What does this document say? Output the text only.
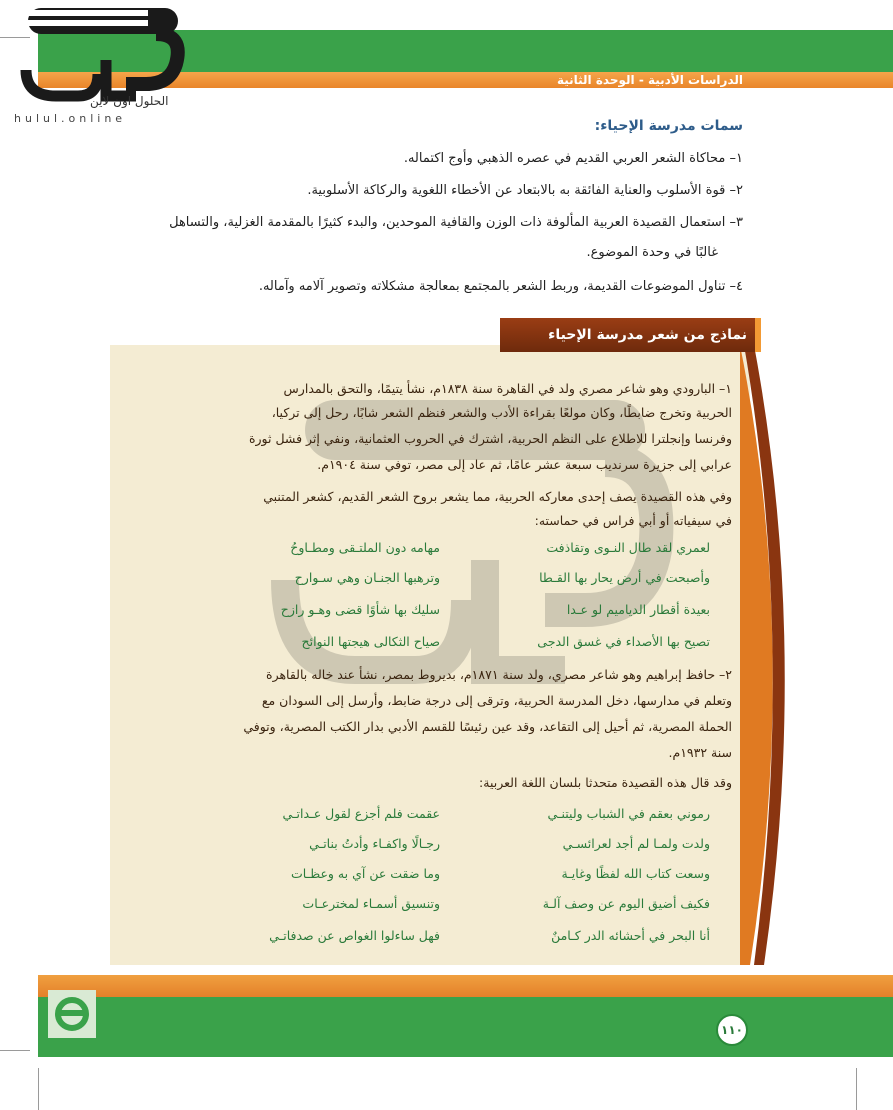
الدراسات الأدبية - الوحدة الثانية
الحلول اون لاين
hulul.online	سمات مدرسة الإحياء:
١– محاكاة الشعر العربي القديم في عصره الذهبي وأوج اكتماله.
٢– قوة الأسلوب والعناية الفائقة به بالابتعاد عن الأخطاء اللغوية والركاكة الأسلوبية.
٣– استعمال القصيدة العربية المألوفة ذات الوزن والقافية الموحدين، والبدء كثيرًا بالمقدمة الغزلية، والتساهل
غالبًا في وحدة الموضوع.
٤– تناول الموضوعات القديمة، وربط الشعر بالمجتمع بمعالجة مشكلاته وتصوير آلامه وآماله.
نماذج من شعر مدرسة الإحياء
١– البارودي وهو شاعر مصري ولد في القاهرة سنة ١٨٣٨م، نشأ يتيمًا، والتحق بالمدارس
الحربية وتخرج ضابطًا، وكان مولعًا بقراءة الأدب والشعر فنظم الشعر شابًا، رحل إلى تركيا،
وفرنسا وإنجلترا للاطلاع على النظم الحربية، اشترك في الحروب العثمانية، ونفي إثر فشل ثورة
عرابي إلى جزيرة سرنديب سبعة عشر عامًا، ثم عاد إلى مصر، توفي سنة ١٩٠٤م.
وفي هذه القصيدة يصف إحدى معاركه الحربية، مما يشعر بروح الشعر القديم، كشعر المتنبي
في سيفياته أو أبي فراس في حماسته:
لعمري لقد طال النـوى وتقاذفت
مهامه دون الملتـقى ومطـاوحُ
وأصبحت في أرض يحار بها القـطا
وترهبها الجنـان وهي سـوارح
بعيدة أقطار الدياميم لو عـدا
سليك بها شأوًا قضى وهـو رازح
تصيح بها الأصداء في غسق الدجى
صياح الثكالى هيجتها النوائح
٢– حافظ إبراهيم وهو شاعر مصري، ولد سنة ١٨٧١م، بديروط بمصر، نشأ عند خاله بالقاهرة
وتعلم في مدارسها، دخل المدرسة الحربية، وترقى إلى درجة ضابط، وأرسل إلى السودان مع
الحملة المصرية، ثم أحيل إلى التقاعد، وقد عين رئيسًا للقسم الأدبي بدار الكتب المصرية، وتوفي
سنة ١٩٣٢م.
وقد قال هذه القصيدة متحدثا بلسان اللغة العربية:
رموني بعقم في الشباب وليتنـي
عقمت فلم أجزع لقول عـداتـي
ولدت ولمـا لم أجد لعرائسـي
رجـالًا واكفـاء وأدتُ بناتـي
وسعت كتاب الله لفظًا وغايـة
وما ضقت عن آي به وعظـات
فكيف أضيق اليوم عن وصف آلـة
وتنسيق أسمـاء لمخترعـات
أنا البحر في أحشائه الدر كـامنٌ
فهل ساءلوا الغواص عن صدفاتـي
١١٠
